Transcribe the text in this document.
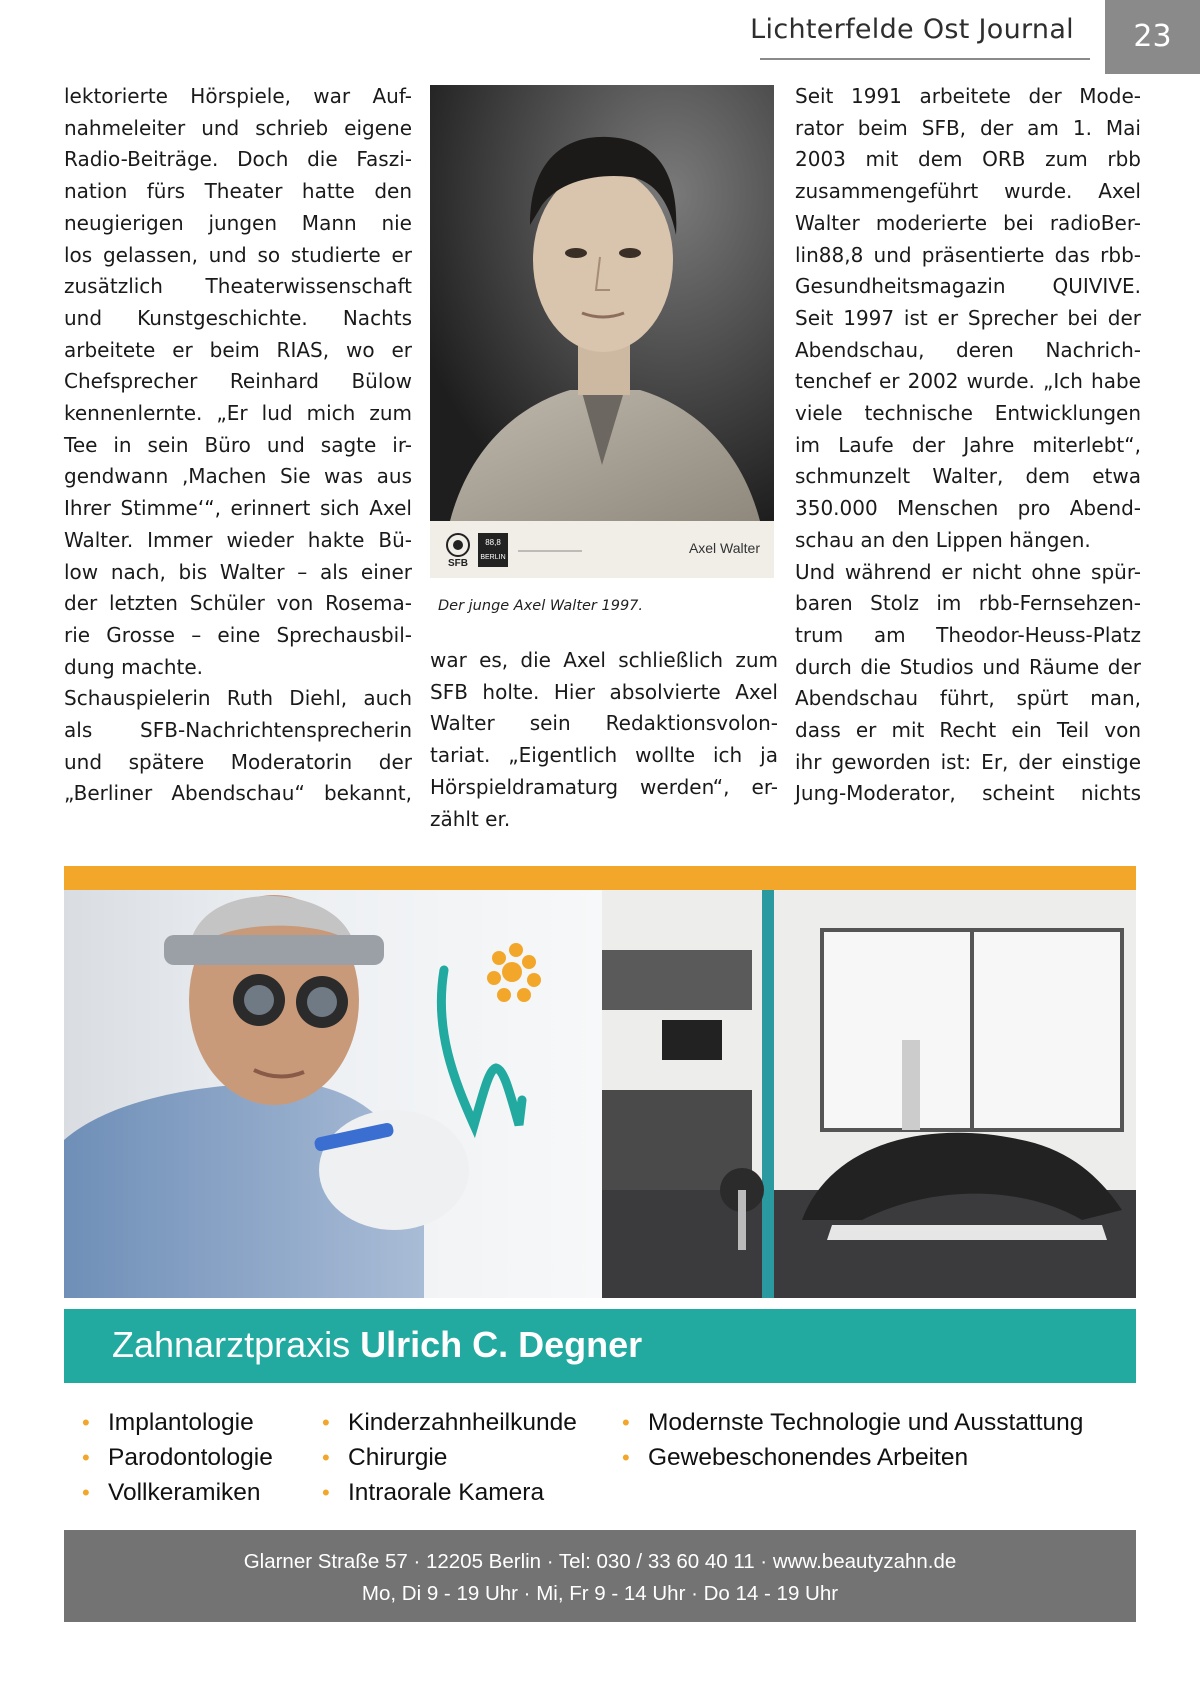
Lichterfelde Ost Journal	23

lektorierte Hörspiele, war Auf-

nahmeleiter und schrieb eigene

Radio-Beiträge. Doch die Faszi-

nation fürs Theater hatte den

neugierigen jungen Mann nie

los gelassen, und so studierte er

zusätzlich Theaterwissenschaft

und Kunstgeschichte. Nachts

arbeitete er beim RIAS, wo er

Chefsprecher Reinhard Bülow

kennenlernte. „Er lud mich zum

Tee in sein Büro und sagte ir-

gendwann ‚Machen Sie was aus

Ihrer Stimme‘“, erinnert sich Axel

Walter. Immer wieder hakte Bü-

low nach, bis Walter – als einer

der letzten Schüler von Rosema-

rie Grosse – eine Sprechausbil-

dung machte.

Schauspielerin Ruth Diehl, auch

als SFB-Nachrichtensprecherin

und spätere Moderatorin der

„Berliner Abendschau“ bekannt,

SFB
88,8
BERLIN
Axel Walter
Der junge Axel Walter 1997.

war es, die Axel schließlich zum

SFB holte. Hier absolvierte Axel

Walter sein Redaktionsvolon-

tariat. „Eigentlich wollte ich ja

Hörspieldramaturg werden“, er-

zählt er.

Seit 1991 arbeitete der Mode-

rator beim SFB, der am 1. Mai

2003 mit dem ORB zum rbb

zusammengeführt wurde. Axel

Walter moderierte bei radioBer-

lin88,8 und präsentierte das rbb-

Gesundheitsmagazin QUIVIVE.

Seit 1997 ist er Sprecher bei der

Abendschau, deren Nachrich-

tenchef er 2002 wurde. „Ich habe

viele technische Entwicklungen

im Laufe der Jahre miterlebt“,

schmunzelt Walter, dem etwa

350.000 Menschen pro Abend-

schau an den Lippen hängen.

Und während er nicht ohne spür-

baren Stolz im rbb-Fernsehzen-

trum am Theodor-Heuss-Platz

durch die Studios und Räume der

Abendschau führt, spürt man,

dass er mit Recht ein Teil von

ihr geworden ist: Er, der einstige

Jung-Moderator, scheint nichts

Zahnarztpraxis Ulrich C. Degner
• Implantologie
• Parodontologie
• Vollkeramiken
• Kinderzahnheilkunde
• Chirurgie
• Intraorale Kamera
• Modernste Technologie und Ausstattung
• Gewebeschonendes Arbeiten
Glarner Straße 57 · 12205 Berlin · Tel: 030 / 33 60 40 11 · www.beautyzahn.de
Mo, Di 9 - 19 Uhr · Mi, Fr 9 - 14 Uhr · Do 14 - 19 Uhr
